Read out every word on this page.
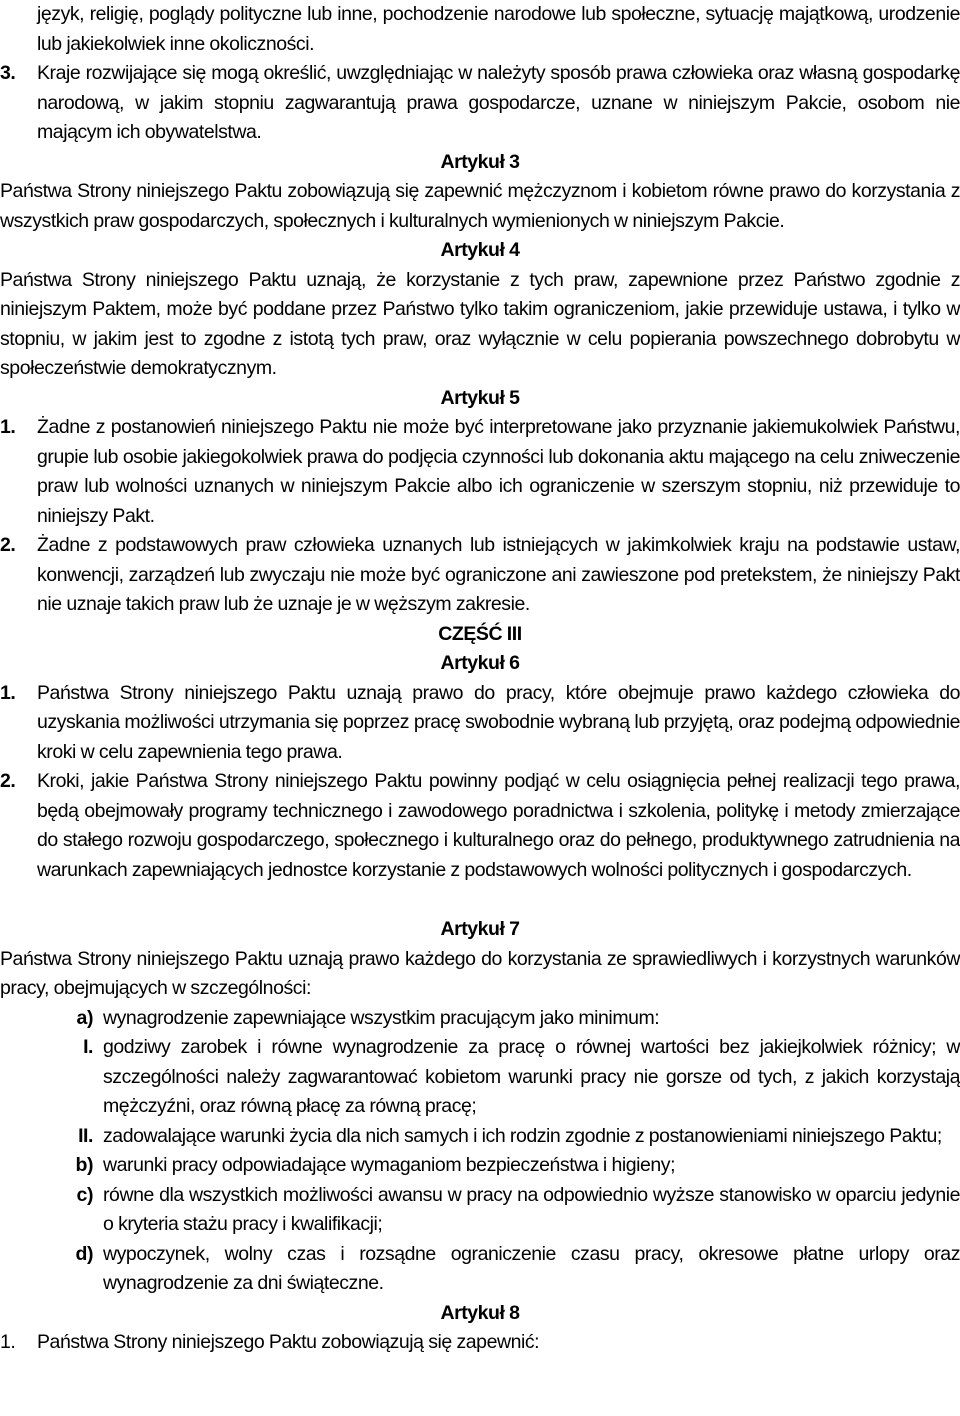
język, religię, poglądy polityczne lub inne, pochodzenie narodowe lub społeczne, sytuację majątkową, urodzenie lub jakiekolwiek inne okoliczności.

3.	Kraje rozwijające się mogą określić, uwzględniając w należyty sposób prawa człowieka oraz własną gospodarkę narodową, w jakim stopniu zagwarantują prawa gospodarcze, uznane w niniejszym Pakcie, osobom nie mającym ich obywatelstwa.

Artykuł 3

Państwa Strony niniejszego Paktu zobowiązują się zapewnić mężczyznom i kobietom równe prawo do korzystania z wszystkich praw gospodarczych, społecznych i kulturalnych wymienionych w niniejszym Pakcie.

Artykuł 4

Państwa Strony niniejszego Paktu uznają, że korzystanie z tych praw, zapewnione przez Państwo zgodnie z niniejszym Paktem, może być poddane przez Państwo tylko takim ograniczeniom, jakie przewiduje ustawa, i tylko w stopniu, w jakim jest to zgodne z istotą tych praw, oraz wyłącznie w celu popierania powszechnego dobrobytu w społeczeństwie demokratycznym.

Artykuł 5

1.	Żadne z postanowień niniejszego Paktu nie może być interpretowane jako przyznanie jakiemukolwiek Państwu, grupie lub osobie jakiegokolwiek prawa do podjęcia czynności lub dokonania aktu mającego na celu zniweczenie praw lub wolności uznanych w niniejszym Pakcie albo ich ograniczenie w szerszym stopniu, niż przewiduje to niniejszy Pakt.
2.	Żadne z podstawowych praw człowieka uznanych lub istniejących w jakimkolwiek kraju na podstawie ustaw, konwencji, zarządzeń lub zwyczaju nie może być ograniczone ani zawieszone pod pretekstem, że niniejszy Pakt nie uznaje takich praw lub że uznaje je w węższym zakresie.

CZĘŚĆ III

Artykuł 6

1.	Państwa Strony niniejszego Paktu uznają prawo do pracy, które obejmuje prawo każdego człowieka do uzyskania możliwości utrzymania się poprzez pracę swobodnie wybraną lub przyjętą, oraz podejmą odpowiednie kroki w celu zapewnienia tego prawa.
2.	Kroki, jakie Państwa Strony niniejszego Paktu powinny podjąć w celu osiągnięcia pełnej realizacji tego prawa, będą obejmowały programy technicznego i zawodowego poradnictwa i szkolenia, politykę i metody zmierzające do stałego rozwoju gospodarczego, społecznego i kulturalnego oraz do pełnego, produktywnego zatrudnienia na warunkach zapewniających jednostce korzystanie z podstawowych wolności politycznych i gospodarczych.

Artykuł 7

Państwa Strony niniejszego Paktu uznają prawo każdego do korzystania ze sprawiedliwych i korzystnych warunków pracy, obejmujących w szczególności:

a) wynagrodzenie zapewniające wszystkim pracującym jako minimum:
I. godziwy zarobek i równe wynagrodzenie za pracę o równej wartości bez jakiejkolwiek różnicy; w szczególności należy zagwarantować kobietom warunki pracy nie gorsze od tych, z jakich korzystają mężczyźni, oraz równą płacę za równą pracę;
II. zadowalające warunki życia dla nich samych i ich rodzin zgodnie z postanowieniami niniejszego Paktu;
b) warunki pracy odpowiadające wymaganiom bezpieczeństwa i higieny;
c) równe dla wszystkich możliwości awansu w pracy na odpowiednio wyższe stanowisko w oparciu jedynie o kryteria stażu pracy i kwalifikacji;
d) wypoczynek, wolny czas i rozsądne ograniczenie czasu pracy, okresowe płatne urlopy oraz wynagrodzenie za dni świąteczne.

Artykuł 8

1.	Państwa Strony niniejszego Paktu zobowiązują się zapewnić:
